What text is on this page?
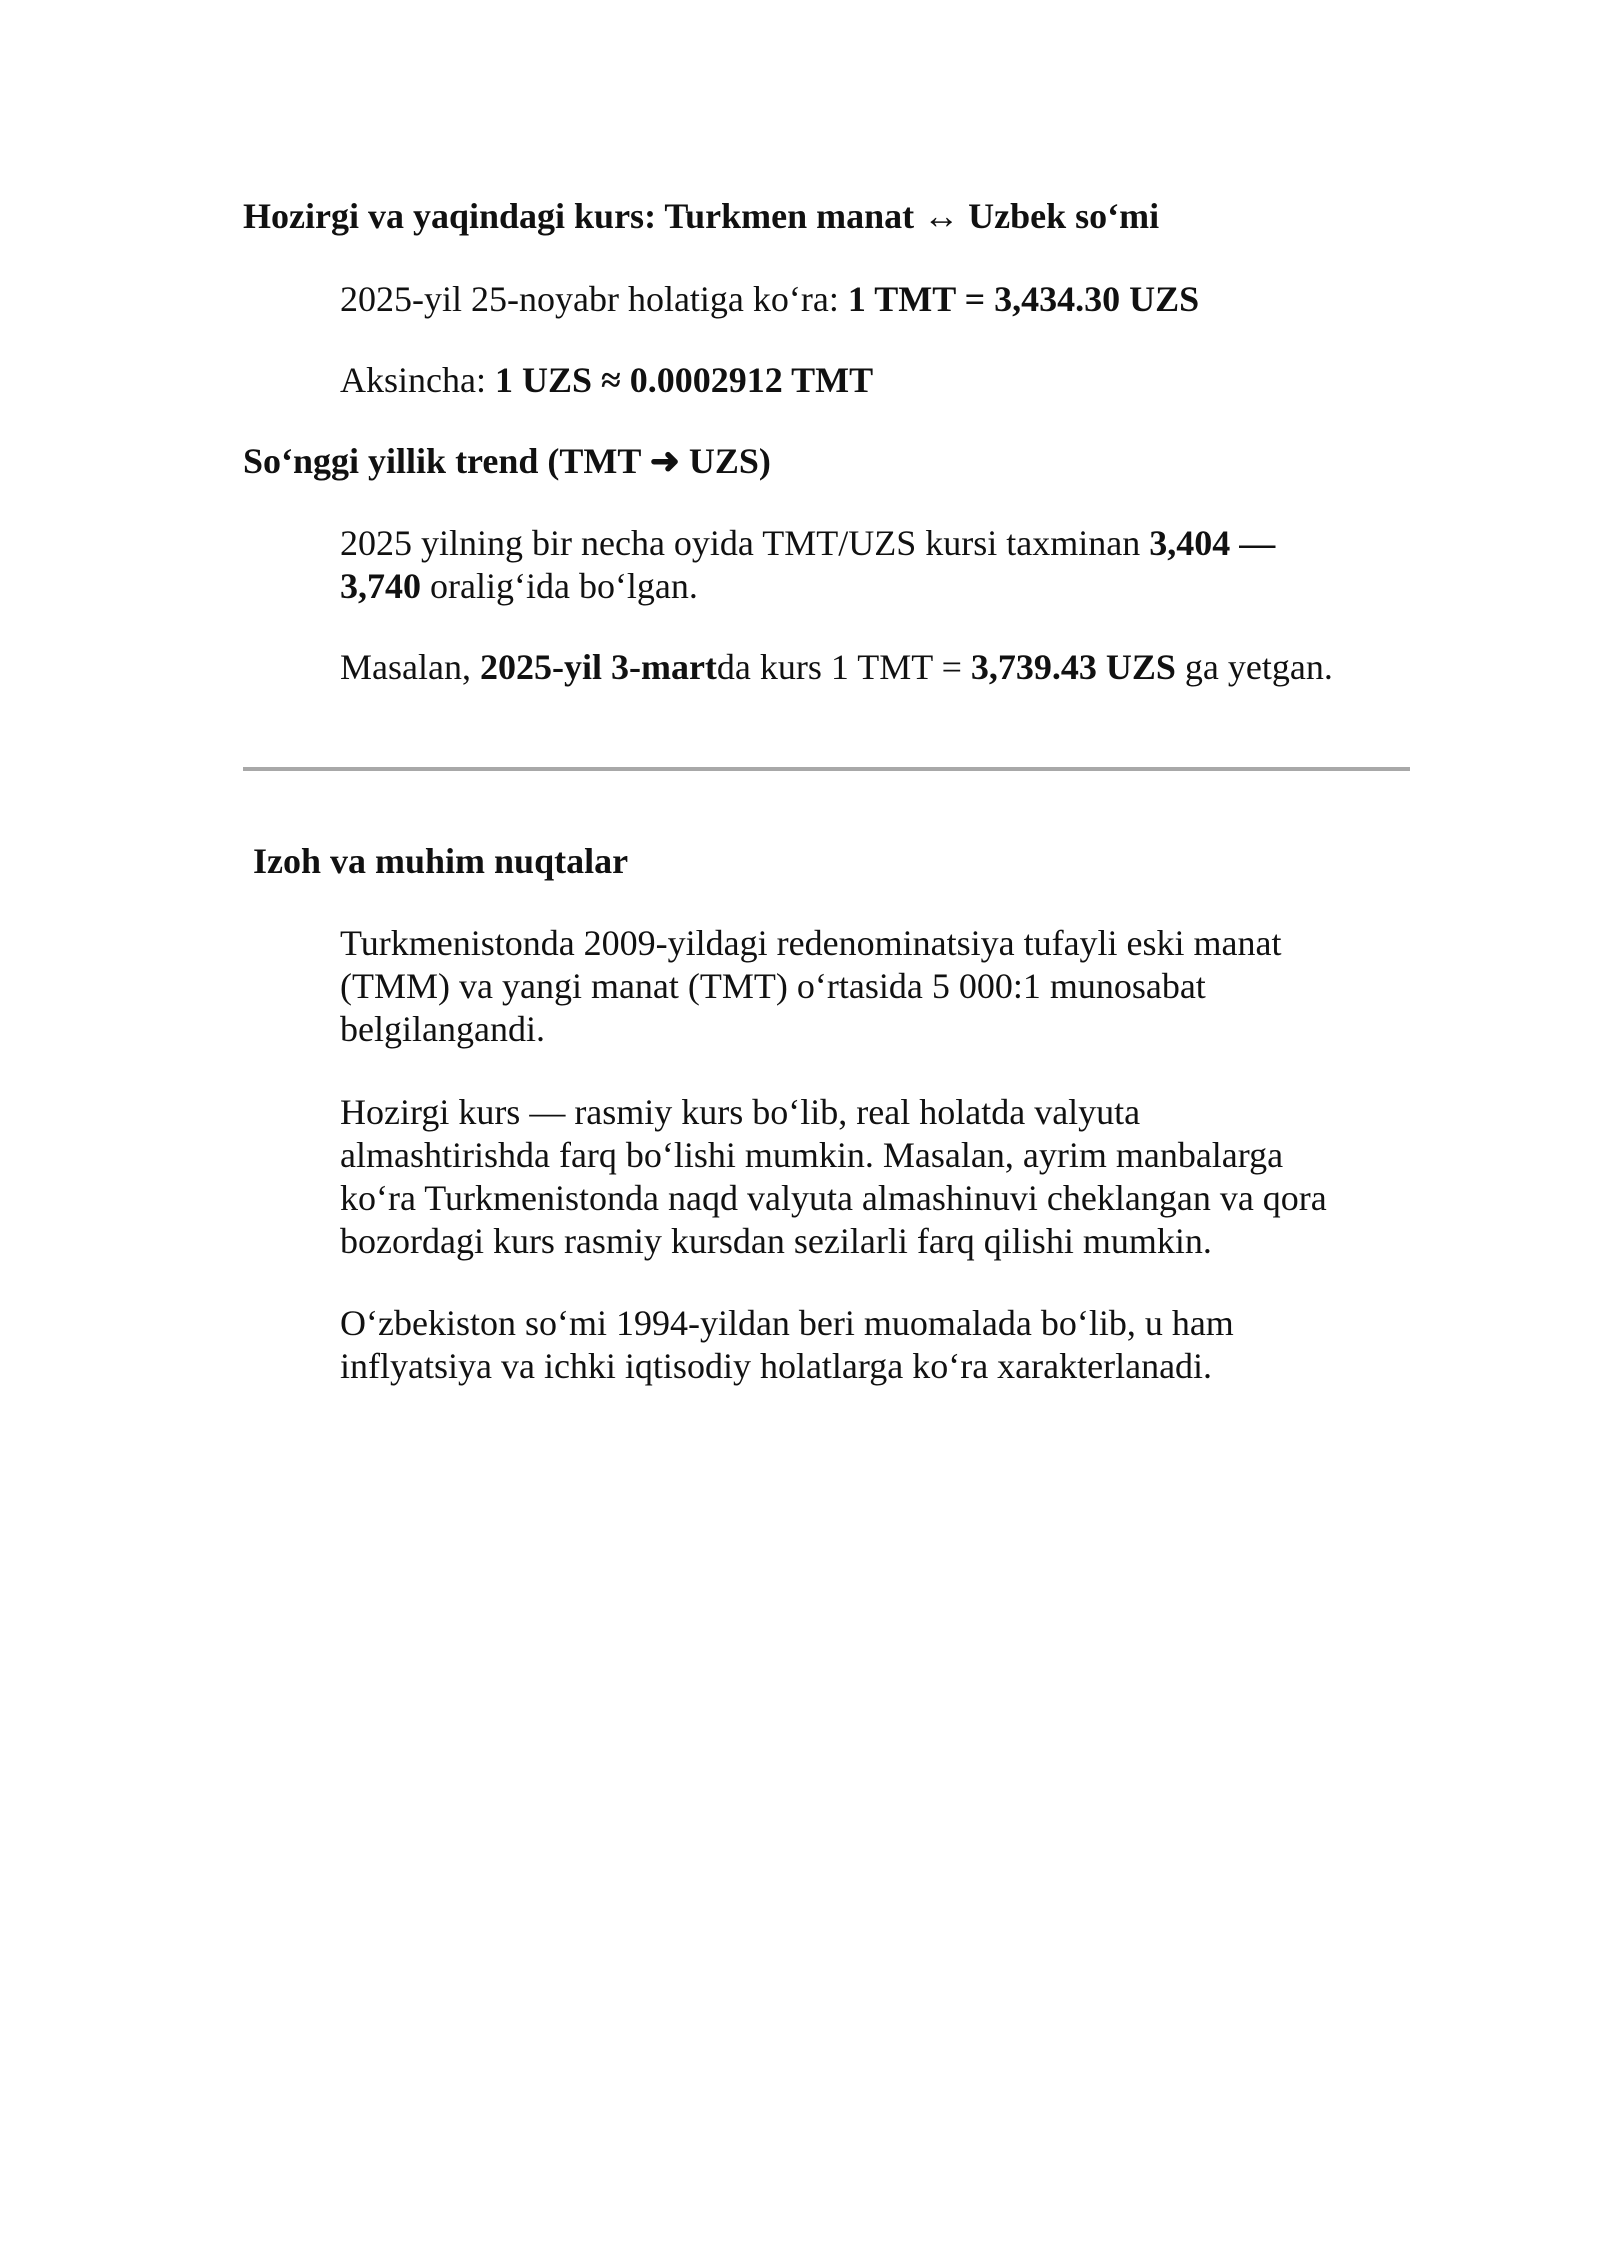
Hozirgi va yaqindagi kurs: Turkmen manat ↔ Uzbek so‘mi
2025-yil 25-noyabr holatiga ko‘ra: 1 TMT = 3,434.30 UZS
Aksincha: 1 UZS ≈ 0.0002912 TMT
So‘nggi yillik trend (TMT ➜ UZS)
2025 yilning bir necha oyida TMT/UZS kursi taxminan 3,404 — 3,740 oralig‘ida bo‘lgan.
Masalan, 2025-yil 3-martda kurs 1 TMT = 3,739.43 UZS ga yetgan.
Izoh va muhim nuqtalar
Turkmenistonda 2009-yildagi redenominatsiya tufayli eski manat (TMM) va yangi manat (TMT) o‘rtasida 5 000:1 munosabat belgilangandi.
Hozirgi kurs — rasmiy kurs bo‘lib, real holatda valyuta almashtirishda farq bo‘lishi mumkin. Masalan, ayrim manbalarga ko‘ra Turkmenistonda naqd valyuta almashinuvi cheklangan va qora bozordagi kurs rasmiy kursdan sezilarli farq qilishi mumkin.
O‘zbekiston so‘mi 1994-yildan beri muomalada bo‘lib, u ham inflyatsiya va ichki iqtisodiy holatlarga ko‘ra xarakterlanadi.
